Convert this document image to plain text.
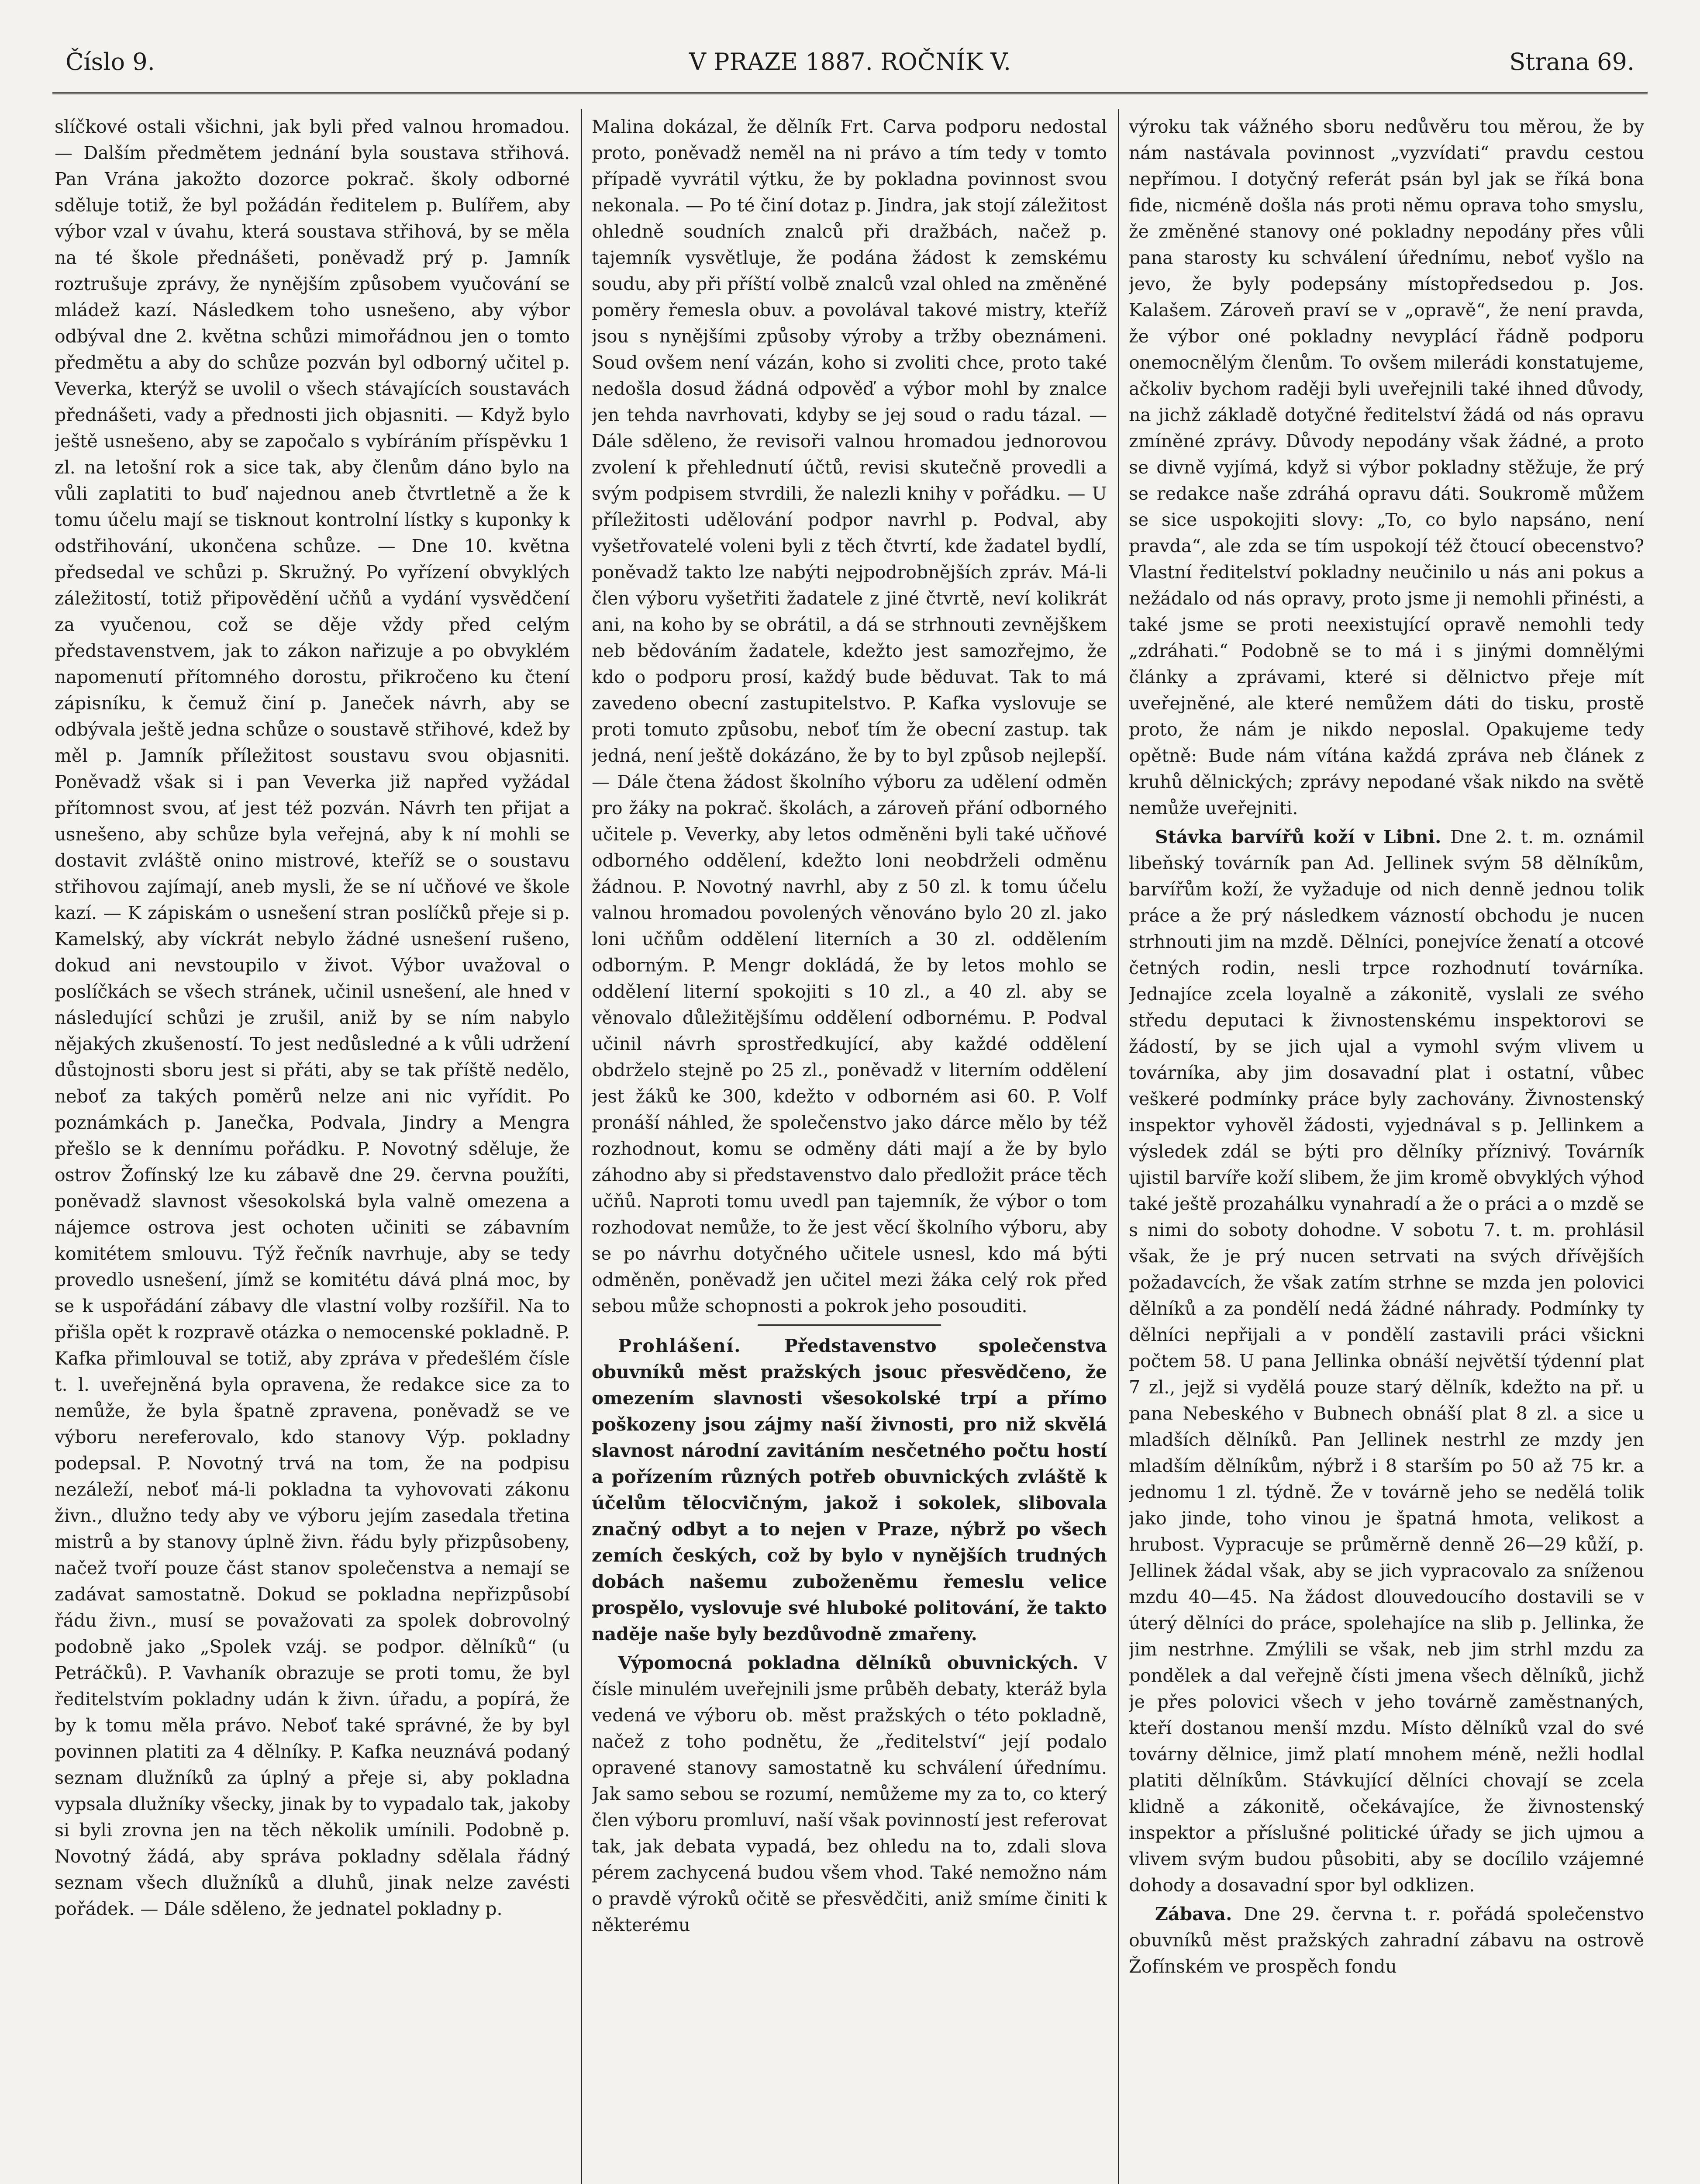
Číslo 9.	V PRAZE 1887. ROČNÍK V.	Strana 69.

slíčkové ostali všichni, jak byli před valnou hromadou. — Dalším předmětem jednání byla soustava střihová. Pan Vrána jakožto dozorce pokrač. školy odborné sděluje totiž, že byl požádán ředitelem p. Bulířem, aby výbor vzal v úvahu, která soustava střihová, by se měla na té škole přednášeti, poněvadž prý p. Jamník roztrušuje zprávy, že nynějším způsobem vyučování se mládež kazí. Následkem toho usnešeno, aby výbor odbýval dne 2. května schůzi mimořádnou jen o tomto předmětu a aby do schůze pozván byl odborný učitel p. Veverka, kterýž se uvolil o všech stávajících soustavách přednášeti, vady a přednosti jich objasniti. — Když bylo ještě usnešeno, aby se započalo s vybíráním příspěvku 1 zl. na letošní rok a sice tak, aby členům dáno bylo na vůli zaplatiti to buď najednou aneb čtvrtletně a že k tomu účelu mají se tisknout kontrolní lístky s kuponky k odstřihování, ukončena schůze. — Dne 10. května předsedal ve schůzi p. Skružný. Po vyřízení obvyklých záležitostí, totiž připovědění učňů a vydání vysvědčení za vyučenou, což se děje vždy před celým představenstvem, jak to zákon nařizuje a po obvyklém napomenutí přítomného dorostu, přikročeno ku čtení zápisníku, k čemuž činí p. Janeček návrh, aby se odbývala ještě jedna schůze o soustavě střihové, kdež by měl p. Jamník příležitost soustavu svou objasniti. Poněvadž však si i pan Veverka již napřed vyžádal přítomnost svou, ať jest též pozván. Návrh ten přijat a usnešeno, aby schůze byla veřejná, aby k ní mohli se dostavit zvláště onino mistrové, kteříž se o soustavu střihovou zajímají, aneb mysli, že se ní učňové ve škole kazí. — K zápiskám o usnešení stran poslíčků přeje si p. Kamelský, aby víckrát nebylo žádné usnešení rušeno, dokud ani nevstoupilo v život. Výbor uvažoval o poslíčkách se všech stránek, učinil usnešení, ale hned v následující schůzi je zrušil, aniž by se ním nabylo nějakých zkušeností. To jest nedůsledné a k vůli udržení důstojnosti sboru jest si přáti, aby se tak příště nedělo, neboť za takých poměrů nelze ani nic vyřídit. Po poznámkách p. Janečka, Podvala, Jindry a Mengra přešlo se k dennímu pořádku. P. Novotný sděluje, že ostrov Žofínský lze ku zábavě dne 29. června použíti, poněvadž slavnost všesokolská byla valně omezena a nájemce ostrova jest ochoten učiniti se zábavním komitétem smlouvu. Týž řečník navrhuje, aby se tedy provedlo usnešení, jímž se komitétu dává plná moc, by se k uspořádání zábavy dle vlastní volby rozšířil. Na to přišla opět k rozpravě otázka o nemocenské pokladně. P. Kafka přimlouval se totiž, aby zpráva v předešlém čísle t. l. uveřejněná byla opravena, že redakce sice za to nemůže, že byla špatně zpravena, poněvadž se ve výboru nereferovalo, kdo stanovy Výp. pokladny podepsal. P. Novotný trvá na tom, že na podpisu nezáleží, neboť má-li pokladna ta vyhovovati zákonu živn., dlužno tedy aby ve výboru jejím zasedala třetina mistrů a by stanovy úplně živn. řádu byly přizpůsobeny, načež tvoří pouze část stanov společenstva a nemají se zadávat samostatně. Dokud se pokladna nepřizpůsobí řádu živn., musí se považovati za spolek dobrovolný podobně jako „Spolek vzáj. se podpor. dělníků“ (u Petráčků). P. Vavhaník obrazuje se proti tomu, že byl ředitelstvím pokladny udán k živn. úřadu, a popírá, že by k tomu měla právo. Neboť také správné, že by byl povinnen platiti za 4 dělníky. P. Kafka neuznává podaný seznam dlužníků za úplný a přeje si, aby pokladna vypsala dlužníky všecky, jinak by to vypadalo tak, jakoby si byli zrovna jen na těch několik umínili. Podobně p. Novotný žádá, aby správa pokladny sdělala řádný seznam všech dlužníků a dluhů, jinak nelze zavésti pořádek. — Dále sděleno, že jednatel pokladny p.

Malina dokázal, že dělník Frt. Carva podporu nedostal proto, poněvadž neměl na ni právo a tím tedy v tomto případě vyvrátil výtku, že by pokladna povinnost svou nekonala. — Po té činí dotaz p. Jindra, jak stojí záležitost ohledně soudních znalců při dražbách, načež p. tajemník vysvětluje, že podána žádost k zemskému soudu, aby při příští volbě znalců vzal ohled na změněné poměry řemesla obuv. a povolával takové mistry, kteříž jsou s nynějšími způsoby výroby a tržby obeznámeni. Soud ovšem není vázán, koho si zvoliti chce, proto také nedošla dosud žádná odpověď a výbor mohl by znalce jen tehda navrhovati, kdyby se jej soud o radu tázal. — Dále sděleno, že revisoři valnou hromadou jednorovou zvolení k přehlednutí účtů, revisi skutečně provedli a svým podpisem stvrdili, že nalezli knihy v pořádku. — U příležitosti udělování podpor navrhl p. Podval, aby vyšetřovatelé voleni byli z těch čtvrtí, kde žadatel bydlí, poněvadž takto lze nabýti nejpodrobnějších zpráv. Má-li člen výboru vyšetřiti žadatele z jiné čtvrtě, neví kolikrát ani, na koho by se obrátil, a dá se strhnouti zevnějškem neb bědováním žadatele, kdežto jest samozřejmo, že kdo o podporu prosí, každý bude běduvat. Tak to má zavedeno obecní zastupitelstvo. P. Kafka vyslovuje se proti tomuto způsobu, neboť tím že obecní zastup. tak jedná, není ještě dokázáno, že by to byl způsob nejlepší. — Dále čtena žádost školního výboru za udělení odměn pro žáky na pokrač. školách, a zároveň přání odborného učitele p. Veverky, aby letos odměněni byli také učňové odborného oddělení, kdežto loni neobdrželi odměnu žádnou. P. Novotný navrhl, aby z 50 zl. k tomu účelu valnou hromadou povolených věnováno bylo 20 zl. jako loni učňům oddělení literních a 30 zl. oddělením odborným. P. Mengr dokládá, že by letos mohlo se oddělení literní spokojiti s 10 zl., a 40 zl. aby se věnovalo důležitějšímu oddělení odbornému. P. Podval učinil návrh sprostředkující, aby každé oddělení obdrželo stejně po 25 zl., poněvadž v literním oddělení jest žáků ke 300, kdežto v odborném asi 60. P. Volf pronáší náhled, že společenstvo jako dárce mělo by též rozhodnout, komu se odměny dáti mají a že by bylo záhodno aby si představenstvo dalo předložit práce těch učňů. Naproti tomu uvedl pan tajemník, že výbor o tom rozhodovat nemůže, to že jest věcí školního výboru, aby se po návrhu dotyčného učitele usnesl, kdo má býti odměněn, poněvadž jen učitel mezi žáka celý rok před sebou může schopnosti a pokrok jeho posouditi.

Prohlášení. Představenstvo společenstva obuvníků měst pražských jsouc přesvědčeno, že omezením slavnosti všesokolské trpí a přímo poškozeny jsou zájmy naší živnosti, pro niž skvělá slavnost národní zavitáním nesčetného počtu hostí a pořízením různých potřeb obuvnických zvláště k účelům tělocvičným, jakož i sokolek, slibovala značný odbyt a to nejen v Praze, nýbrž po všech zemích českých, což by bylo v nynějších trudných dobách našemu zuboženěmu řemeslu velice prospělo, vyslovuje své hluboké politování, že takto naděje naše byly bezdůvodně zmařeny.

Výpomocná pokladna dělníků obuvnických. V čísle minulém uveřejnili jsme průběh debaty, kteráž byla vedená ve výboru ob. měst pražských o této pokladně, načež z toho podnětu, že „ředitelství“ její podalo opravené stanovy samostatně ku schválení úřednímu. Jak samo sebou se rozumí, nemůžeme my za to, co který člen výboru promluví, naší však povinností jest referovat tak, jak debata vypadá, bez ohledu na to, zdali slova pérem zachycená budou všem vhod. Také nemožno nám o pravdě výroků očitě se přesvědčiti, aniž smíme činiti k některému

výroku tak vážného sboru nedůvěru tou měrou, že by nám nastávala povinnost „vyzvídati“ pravdu cestou nepřímou. I dotyčný referát psán byl jak se říká bona fide, nicméně došla nás proti němu oprava toho smyslu, že změněné stanovy oné pokladny nepodány přes vůli pana starosty ku schválení úřednímu, neboť vyšlo na jevo, že byly podepsány místopředsedou p. Jos. Kalašem. Zároveň praví se v „opravě“, že není pravda, že výbor oné pokladny nevyplácí řádně podporu onemocnělým členům. To ovšem milerádi konstatujeme, ačkoliv bychom raději byli uveřejnili také ihned důvody, na jichž základě dotyčné ředitelství žádá od nás opravu zmíněné zprávy. Důvody nepodány však žádné, a proto se divně vyjímá, když si výbor pokladny stěžuje, že prý se redakce naše zdráhá opravu dáti. Soukromě můžem se sice uspokojiti slovy: „To, co bylo napsáno, není pravda“, ale zda se tím uspokojí též čtoucí obecenstvo? Vlastní ředitelství pokladny neučinilo u nás ani pokus a nežádalo od nás opravy, proto jsme ji nemohli přinésti, a také jsme se proti neexistující opravě nemohli tedy „zdráhati.“ Podobně se to má i s jinými domnělými články a zprávami, které si dělnictvo přeje mít uveřejněné, ale které nemůžem dáti do tisku, prostě proto, že nám je nikdo neposlal. Opakujeme tedy opětně: Bude nám vítána každá zpráva neb článek z kruhů dělnických; zprávy nepodané však nikdo na světě nemůže uveřejniti.

Stávka barvířů koží v Libni. Dne 2. t. m. oznámil libeňský továrník pan Ad. Jellinek svým 58 dělníkům, barvířům koží, že vyžaduje od nich denně jednou tolik práce a že prý následkem vázností obchodu je nucen strhnouti jim na mzdě. Dělníci, ponejvíce ženatí a otcové četných rodin, nesli trpce rozhodnutí továrníka. Jednajíce zcela loyalně a zákonitě, vyslali ze svého středu deputaci k živnostenskému inspektorovi se žádostí, by se jich ujal a vymohl svým vlivem u továrníka, aby jim dosavadní plat i ostatní, vůbec veškeré podmínky práce byly zachovány. Živnostenský inspektor vyhověl žádosti, vyjednával s p. Jellinkem a výsledek zdál se býti pro dělníky příznivý. Továrník ujistil barvíře koží slibem, že jim kromě obvyklých výhod také ještě prozahálku vynahradí a že o práci a o mzdě se s nimi do soboty dohodne. V sobotu 7. t. m. prohlásil však, že je prý nucen setrvati na svých dřívějších požadavcích, že však zatím strhne se mzda jen polovici dělníků a za pondělí nedá žádné náhrady. Podmínky ty dělníci nepřijali a v pondělí zastavili práci všickni počtem 58. U pana Jellinka obnáší největší týdenní plat 7 zl., jejž si vydělá pouze starý dělník, kdežto na př. u pana Nebeského v Bubnech obnáší plat 8 zl. a sice u mladších dělníků. Pan Jellinek nestrhl ze mzdy jen mladším dělníkům, nýbrž i 8 starším po 50 až 75 kr. a jednomu 1 zl. týdně. Že v továrně jeho se nedělá tolik jako jinde, toho vinou je špatná hmota, velikost a hrubost. Vypracuje se průměrně denně 26—29 kůží, p. Jellinek žádal však, aby se jich vypracovalo za sníženou mzdu 40—45. Na žádost dlouvedoucího dostavili se v úterý dělníci do práce, spolehajíce na slib p. Jellinka, že jim nestrhne. Zmýlili se však, neb jim strhl mzdu za pondělek a dal veřejně čísti jmena všech dělníků, jichž je přes polovici všech v jeho továrně zaměstnaných, kteří dostanou menší mzdu. Místo dělníků vzal do své továrny dělnice, jimž platí mnohem méně, nežli hodlal platiti dělníkům. Stávkující dělníci chovají se zcela klidně a zákonitě, očekávajíce, že živnostenský inspektor a příslušné politické úřady se jich ujmou a vlivem svým budou působiti, aby se docílilo vzájemné dohody a dosavadní spor byl odklizen.

Zábava. Dne 29. června t. r. pořádá společenstvo obuvníků měst pražských zahradní zábavu na ostrově Žofínském ve prospěch fondu
